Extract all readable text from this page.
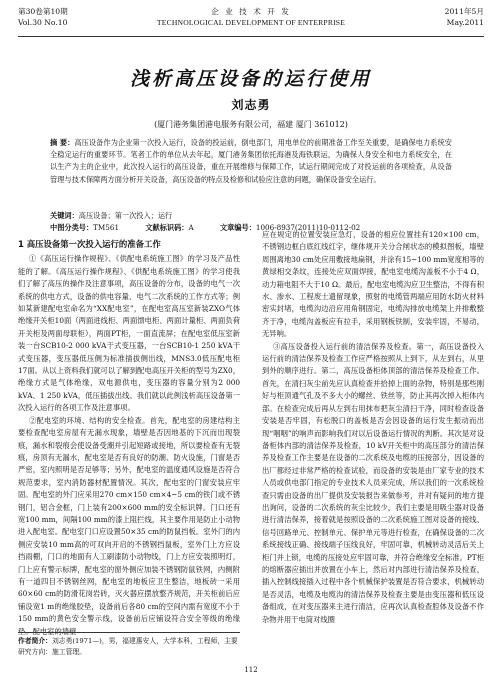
第30卷第10期
Vol.30 No.10
企 业 技 术 开 发
TECHNOLOGICAL DEVELOPMENT OF ENTERPRISE
2011年5月
May.2011
浅析高压设备的运行使用
刘志勇
(厦门港务集团港电服务有限公司，福建 厦门 361012)
摘 要：高压设备作为企业第一次投入运行，设备的投运前，倒电部门，用电单位的前期准备工作至关重要，是确保电力系统安全稳定运行的重要环节。笔者工作的单位从去年起，厦门港务集团依托海港及海铁联运，为确保人身安全和电力系统安全，在以生产为主的企业中，此次投入运行的高压设备，重在开展维修与保障工作，试运行期间完成了对投运前的各项检查，从设备管理与技术保障两方面分析开关设备，高压设备的特点及检修和试验应注意的问题，确保设备安全运行。
关键词：高压设备；第一次投入；运行
中图分类号：TM561	文献标识码：A	文章编号：1006-8937(2011)10-0112-02
1 高压设备第一次投入运行的准备工作

①《高压运行操作规程》、《供配电系统施工图》的学习及产品性能的了解。《高压运行操作规程》、《供配电系统施工图》的学习使我们了解了高压的操作及注意事项，高压设备的分布，设备的电气一次系统的供电方式，设备的供电容量、电气二次系统的工作方式等；例如某新建配电室命名为“XX配电室”，在配电室高压室新装ZXO气体绝缘开关柜10面（两面进线柜、两面馈电柜、两面计量柜、两面负荷开关柜及两面母联柜），两面PT柜，一面直流屏；在配电室低压室新装一台SCB10-2 000 kVA干式变压器，一台SCB10-1 250 kVA干式变压器，变压器低压侧为标准插拔侧出线，MNS3.0低压配电柜17面。从以上资料我们就可以了解到配电高压开关柜的型号为ZX0，绝缘方式是气体绝缘，双电源供电，变压器的容量分别为2 000 kVA、1 250 kVA，低压插拔出线。我们就以此例浅析高压设备第一次投入运行的各项工作及注意事项。

②配电室的环境、结构的安全检查。首先，配电室的房建结构主要检查配电室房屋有无漏水现象，墙壁是否因地基的下沉而出现裂痕，漏水和裂痕会使设备受潮并引起短路或接地，所以要检查有无裂痕，房顶有无漏水，配电室是否有良好的防潮、防火设施，门窗是否严密，室内照明是否足够等；另外，配电室的温度通风设施是否符合规范要求，室内消防器材配置情况。其次，配电室的门窗安装应牢固。配电室的外门应采用270 cm×150 cm×4~5 cm的铁门或不锈钢门，铝合金框，门上装有200×600 mm的安全标识牌。门口还有宽100 mm，间隔100 mm的漆上阻拦线，其主要作用是防止小动物进入配电室。配电室门口应设置50×35 cm的防鼠挡板。室外门的内侧应安装10 mm高的可双向开启的不锈钢挡鼠板，室外门上方应设挡雨棚，门口的地面有人工刷漆防小动物线，门上方应安装照明灯，门上应有警示标牌，配电室的窗外侧应加装不锈钢防鼠铁网，内侧附有一道四目不锈钢丝网，配电室的地板应卫生整洁，地板砖一采用60×60 cm的防滑花岗岩砖，灭火器应摆放整齐规范，开关柜前后应铺设宽1 m的绝缘胶垫，设备前后各80 cm的空间内需有宽度不小于150 mm的黄色安全警示线，设备前后应铺设符合安全等级的绝缘垫。配电室的墙壁

应在规定的位置安装应急灯，设备的相应位置挂有120×100 cm，不锈钢边框白底红线红字，继体规开关分合闸状态的模拟图板，墙壁周围离地30 cm处应用敷接地扁钢，并涂有15~100 mm宽度相等的黄绿相交条纹，连接处应双面焊接，配电室电缆沟盖板不小于4 Ω，动力箱电阻不大于10 Ω。最后，配电室电缆沟应卫生整洁，不得有积水、渗水、工程废土遗留现象，照射的电缆管两端应用防水防火材料密实封堵，电缆沟边沿应用角钢固定，电缆沟排放电缆架上并排敷整齐于净，电缆沟盖板应有拉手，采用钢板铁制，安装牢固，不易动，无异响。

③高压设备投入运行前的清洁保养及检查。第一，高压设备投入运行前的清洁保养及检查工作应严格按照从上到下，从左到右，从里到外的顺序进行。第二，高压设备柜体顶部的清洁保养及检查工作。首先，在清扫灰尘前先应认真检查并拾掉上面的杂物，特别是那些刚好与柜顶通气孔及不多大小的螺丝、铁丝等，防止其再次掉入柜体内部。在检查完成后再从左到右用抹布把灰尘清扫干净，同时检查设备安装是否牢固，有松脱口的盖板是否会因设备的运行发生振动而出现“咽咽”的响声而影响我们对以后设备运行情况的判断。其次是对设备柜体内部的清洁保养及检查，10 kV开关柜中的高压部分的清洁保养及检查工作主要是在设备的二次系统及电缆的压接部分，因设备的出厂都经过非常严格的检查试验，而设备的安装是由厂家专业的技术人员或供电部门指定的专业技术人员来完成，所以我们的一次系统检查只需由设备的出厂提供及安装报告来做参考，并对有疑问的地方提出询问，设备的二次系统的灰尘比较少，我们主要是用吸尘器对设备进行清洁保养，接着就是按照设备的二次系统施工图对设备的接线、信号回路单元、控制单元、保护单元等进行检查，在确保设备的二次系统接线正确、接线端子压线良好，牢固可靠，机械转动灵活后关上柜门并上锁，电缆的压接处应牢固可靠，并符合绝缘安全标准。PT柜的熔断器应插出并放置在小车上，然后对内部进行清洁保养及检查，插入控制线接插入过程中各个机械保护装置是否符合要求，机械转动是否灵活，电缆及电缆沟的清洁保养及检查主要是由变压器和低压设备组成，在对变压器来主进行清洁，应再次认真检查腔体及设备不作杂物并用干电筒对线圈

作者简介：刘志勇(1971—)，男，福建惠安人，大学本科，工程师，主要研究方向：施工管理。
112
